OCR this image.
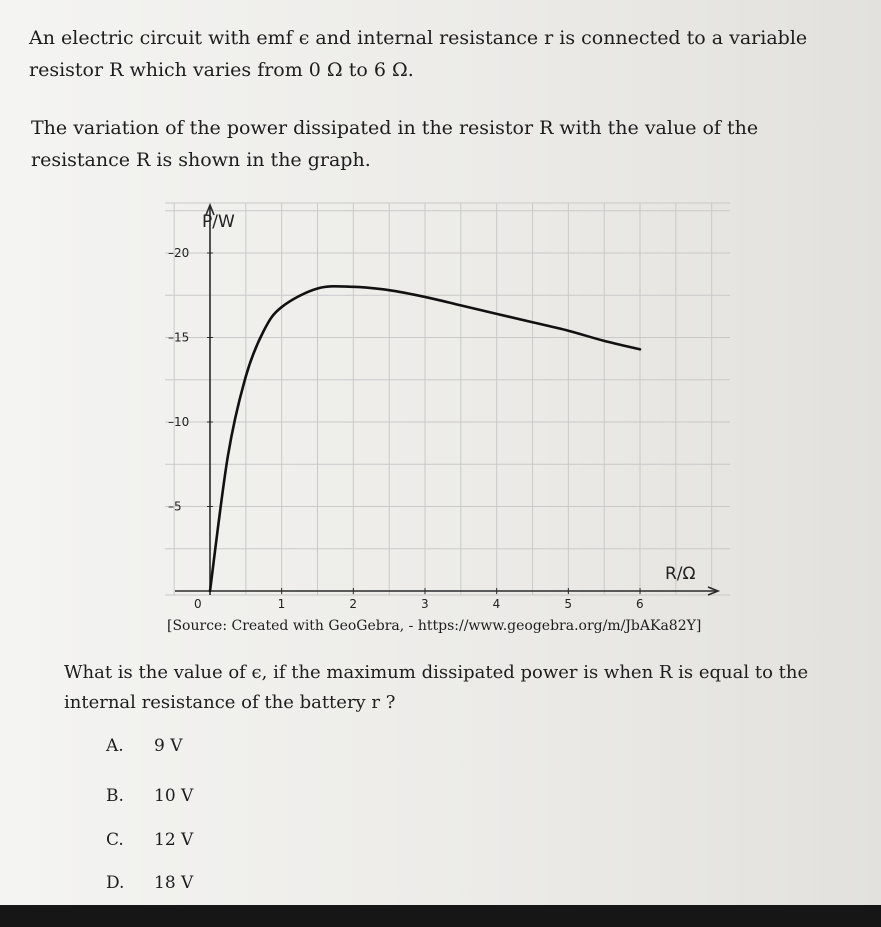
An electric circuit with emf ϵ and internal resistance r is connected to a variable resistor R which varies from 0 Ω to 6 Ω.

The variation of the power dissipated in the resistor R with the value of the resistance R is shown in the graph.

0	1	2	3	4	5	6
–5
–10
–15
–20
P/W
R/Ω
[Source: Created with GeoGebra, - https://www.geogebra.org/m/JbAKa82Y]

What is the value of ϵ, if the maximum dissipated power is when R is equal to the internal resistance of the battery r ?

A. 9 V
B. 10 V
C. 12 V
D. 18 V
